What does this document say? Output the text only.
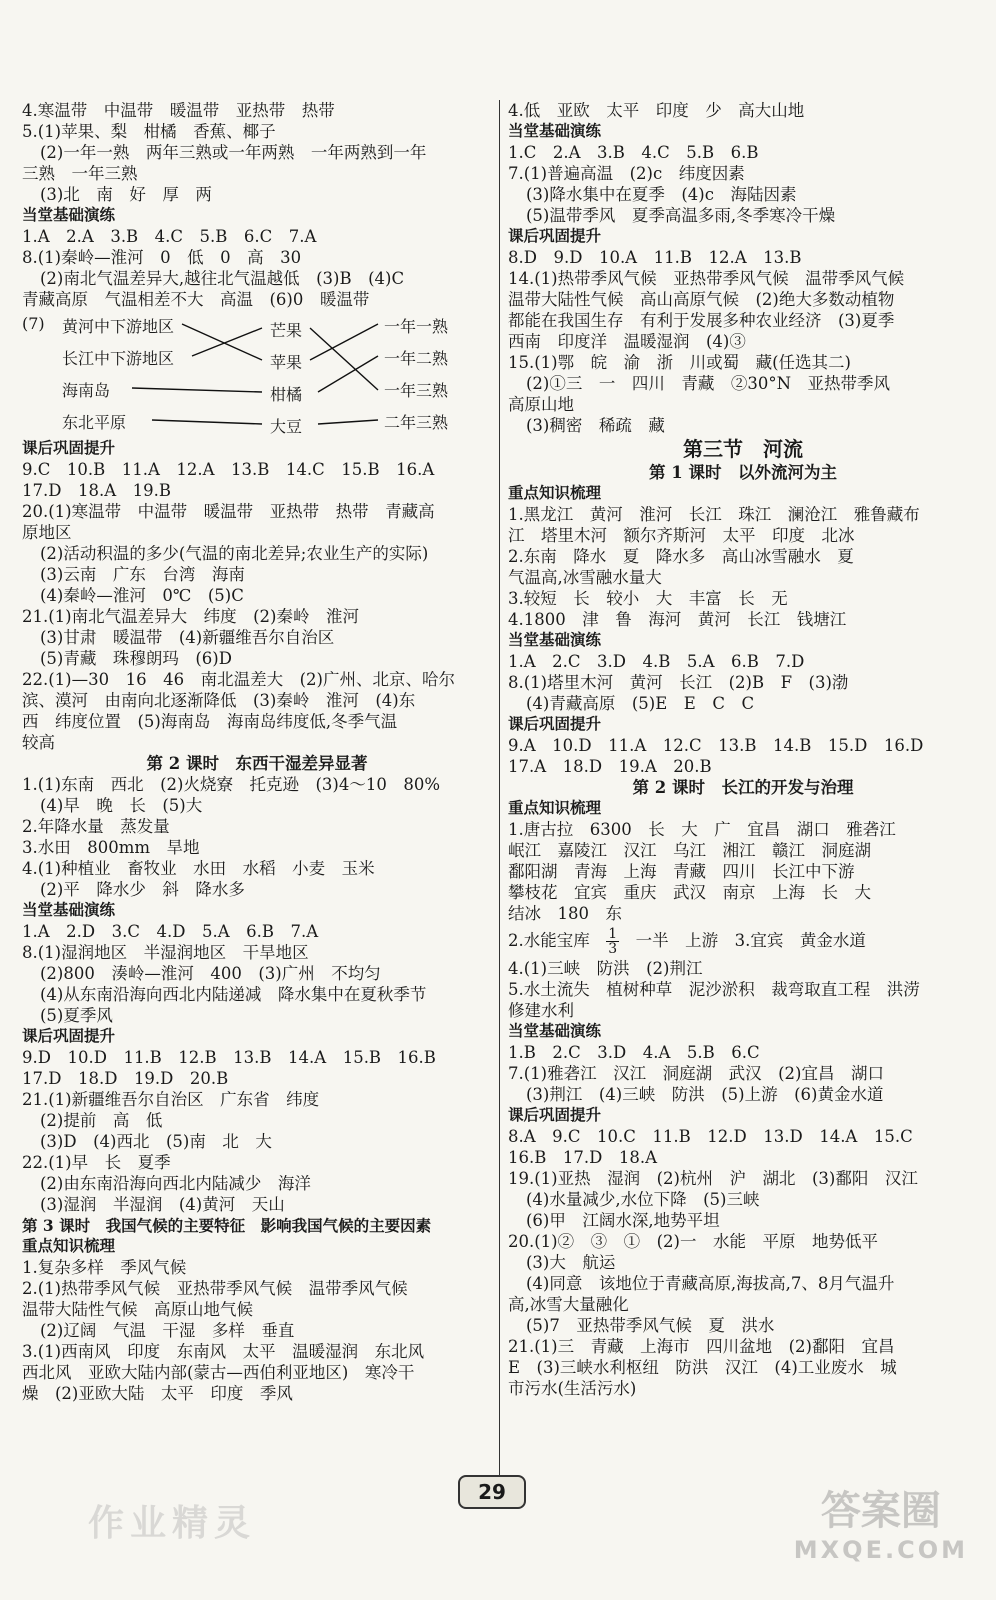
4.寒温带　中温带　暖温带　亚热带　热带
5.(1)苹果、梨　柑橘　香蕉、椰子
(2)一年一熟　两年三熟或一年两熟　一年两熟到一年
三熟　一年三熟
(3)北　南　好　厚　两
当堂基础演练
1.A　2.A　3.B　4.C　5.B　6.C　7.A
8.(1)秦岭—淮河　0　低　0　高　30
(2)南北气温差异大,越往北气温越低　(3)B　(4)C
青藏高原　气温相差不大　高温　(6)0　暖温带
(7) 黄河中下游地区
长江中下游地区
海南岛
东北平原
芒果
苹果
柑橘
大豆
一年一熟
一年二熟
一年三熟
二年三熟
课后巩固提升
9.C　10.B　11.A　12.A　13.B　14.C　15.B　16.A
17.D　18.A　19.B
20.(1)寒温带　中温带　暖温带　亚热带　热带　青藏高
原地区
(2)活动积温的多少(气温的南北差异;农业生产的实际)
(3)云南　广东　台湾　海南
(4)秦岭—淮河　0℃　(5)C
21.(1)南北气温差异大　纬度　(2)秦岭　淮河
(3)甘肃　暖温带　(4)新疆维吾尔自治区
(5)青藏　珠穆朗玛　(6)D
22.(1)—30　16　46　南北温差大　(2)广州、北京、哈尔
滨、漠河　由南向北逐渐降低　(3)秦岭　淮河　(4)东
西　纬度位置　(5)海南岛　海南岛纬度低,冬季气温
较高
第 2 课时　东西干湿差异显著
1.(1)东南　西北　(2)火烧寮　托克逊　(3)4～10　80%
(4)早　晚　长　(5)大
2.年降水量　蒸发量
3.水田　800mm　旱地
4.(1)种植业　畜牧业　水田　水稻　小麦　玉米
(2)平　降水少　斜　降水多
当堂基础演练
1.A　2.D　3.C　4.D　5.A　6.B　7.A
8.(1)湿润地区　半湿润地区　干旱地区
(2)800　湊岭—淮河　400　(3)广州　不均匀
(4)从东南沿海向西北内陆递减　降水集中在夏秋季节
(5)夏季风
课后巩固提升
9.D　10.D　11.B　12.B　13.B　14.A　15.B　16.B
17.D　18.D　19.D　20.B
21.(1)新疆维吾尔自治区　广东省　纬度
(2)提前　高　低
(3)D　(4)西北　(5)南　北　大
22.(1)早　长　夏季
(2)由东南沿海向西北内陆减少　海洋
(3)湿润　半湿润　(4)黄河　天山
第 3 课时　我国气候的主要特征　影响我国气候的主要因素
重点知识梳理
1.复杂多样　季风气候
2.(1)热带季风气候　亚热带季风气候　温带季风气候
温带大陆性气候　高原山地气候
(2)辽阔　气温　干湿　多样　垂直
3.(1)西南风　印度　东南风　太平　温暖湿润　东北风
西北风　亚欧大陆内部(蒙古—西伯利亚地区)　寒冷干
燥　(2)亚欧大陆　太平　印度　季风
4.低　亚欧　太平　印度　少　高大山地
当堂基础演练
1.C　2.A　3.B　4.C　5.B　6.B
7.(1)普遍高温　(2)c　纬度因素
(3)降水集中在夏季　(4)c　海陆因素
(5)温带季风　夏季高温多雨,冬季寒冷干燥
课后巩固提升
8.D　9.D　10.A　11.B　12.A　13.B
14.(1)热带季风气候　亚热带季风气候　温带季风气候
温带大陆性气候　高山高原气候　(2)绝大多数动植物
都能在我国生存　有利于发展多种农业经济　(3)夏季
西南　印度洋　温暖湿润　(4)③
15.(1)鄂　皖　渝　浙　川或蜀　藏(任选其二)
(2)①三　一　四川　青藏　②30°N　亚热带季风
高原山地
(3)稠密　稀疏　藏
第三节　河流
第 1 课时　以外流河为主
重点知识梳理
1.黑龙江　黄河　淮河　长江　珠江　澜沧江　雅鲁藏布
江　塔里木河　额尔齐斯河　太平　印度　北冰
2.东南　降水　夏　降水多　高山冰雪融水　夏
气温高,冰雪融水量大
3.较短　长　较小　大　丰富　长　无
4.1800　津　鲁　海河　黄河　长江　钱塘江
当堂基础演练
1.A　2.C　3.D　4.B　5.A　6.B　7.D
8.(1)塔里木河　黄河　长江　(2)B　F　(3)渤
(4)青藏高原　(5)E　E　C　C
课后巩固提升
9.A　10.D　11.A　12.C　13.B　14.B　15.D　16.D
17.A　18.D　19.A　20.B
第 2 课时　长江的开发与治理
重点知识梳理
1.唐古拉　6300　长　大　广　宜昌　湖口　雅砻江
岷江　嘉陵江　汉江　乌江　湘江　赣江　洞庭湖
鄱阳湖　青海　上海　青藏　四川　长江中下游
攀枝花　宜宾　重庆　武汉　南京　上海　长　大
结冰　180　东
2.水能宝库　 $\frac{1}{3}$ 　一半　上游　3.宜宾　黄金水道
4.(1)三峡　防洪　(2)荆江
5.水土流失　植树种草　泥沙淤积　裁弯取直工程　洪涝
修建水利
当堂基础演练
1.B　2.C　3.D　4.A　5.B　6.C
7.(1)雅砻江　汉江　洞庭湖　武汉　(2)宜昌　湖口
(3)荆江　(4)三峡　防洪　(5)上游　(6)黄金水道
课后巩固提升
8.A　9.C　10.C　11.B　12.D　13.D　14.A　15.C
16.B　17.D　18.A
19.(1)亚热　湿润　(2)杭州　沪　湖北　(3)鄱阳　汉江
(4)水量减少,水位下降　(5)三峡
(6)甲　江阔水深,地势平坦
20.(1)②　③　①　(2)一　水能　平原　地势低平
(3)大　航运
(4)同意　该地位于青藏高原,海拔高,7、8月气温升
高,冰雪大量融化
(5)7　亚热带季风气候　夏　洪水
21.(1)三　青藏　上海市　四川盆地　(2)鄱阳　宜昌
E　(3)三峡水利枢纽　防洪　汉江　(4)工业废水　城
市污水(生活污水)
29
作业精灵	答案圈
MXQE.COM
